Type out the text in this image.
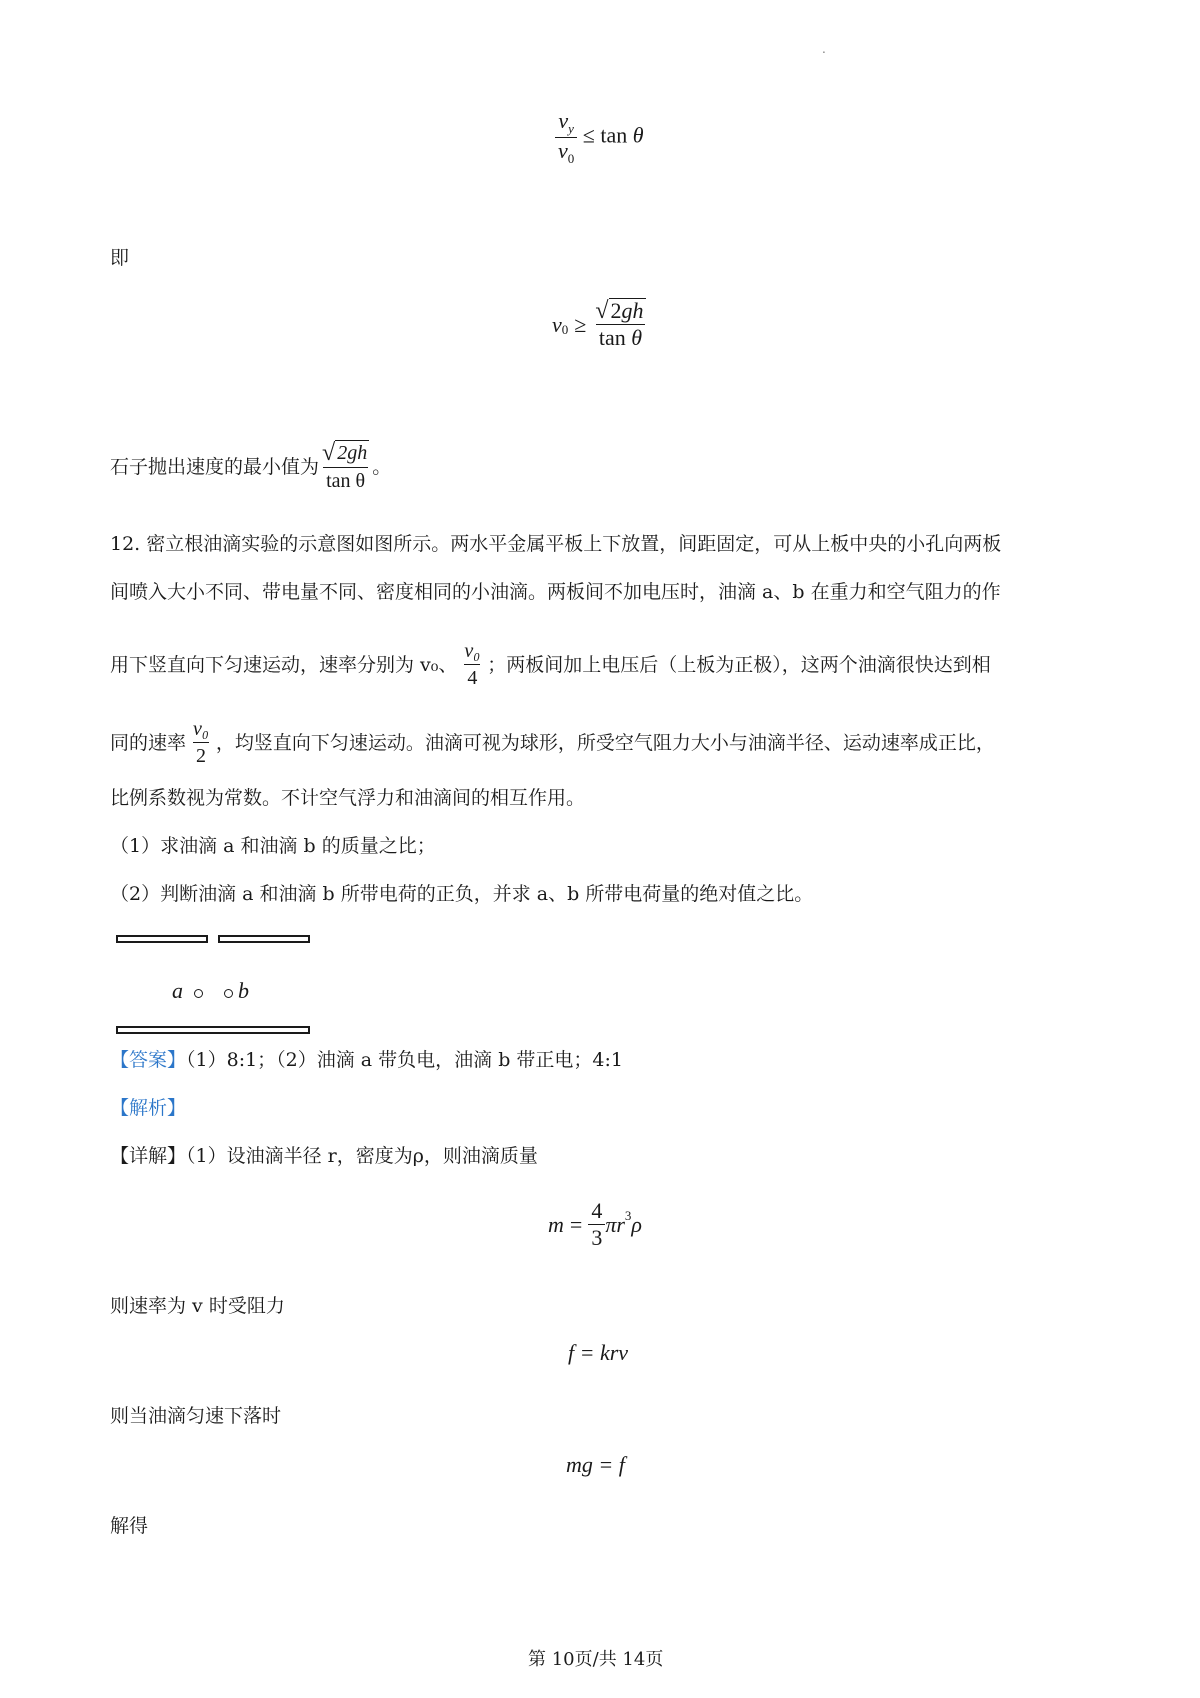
.
$\frac{v_y}{v_0} \le \tan \theta$
即
v $0 \ge \frac{√ 2gh}{\text{tan θ}}$
石子抛出速度的最小值为 $\frac{√ 2gh}{\text{tan θ}}$ 。
12. 密立根油滴实验的示意图如图所示。两水平金属平板上下放置，间距固定，可从上板中央的小孔向两板
间喷入大小不同、带电量不同、密度相同的小油滴。两板间不加电压时，油滴 a、b 在重力和空气阻力的作
用下竖直向下匀速运动，速率分别为 v₀、 $\frac{\text{v₀}}{4}$ ；两板间加上电压后（上板为正极），这两个油滴很快达到相
同的速率 $\frac{\text{v₀}}{2}$ ，均竖直向下匀速运动。油滴可视为球形，所受空气阻力大小与油滴半径、运动速率成正比，
比例系数视为常数。不计空气浮力和油滴间的相互作用。
（1）求油滴 a 和油滴 b 的质量之比；
（2）判断油滴 a 和油滴 b 所带电荷的正负，并求 a、b 所带电荷量的绝对值之比。
a	b
【答案】（1）8:1；（2）油滴 a 带负电，油滴 b 带正电；4:1
【解析】
【详解】（1）设油滴半径 r，密度为ρ，则油滴质量
$m = \frac{4}{3}$ π r 3 ρ
则速率为 v 时受阻力
f = krv
则当油滴匀速下落时
mg = f
解得
第 10页/共 14页
